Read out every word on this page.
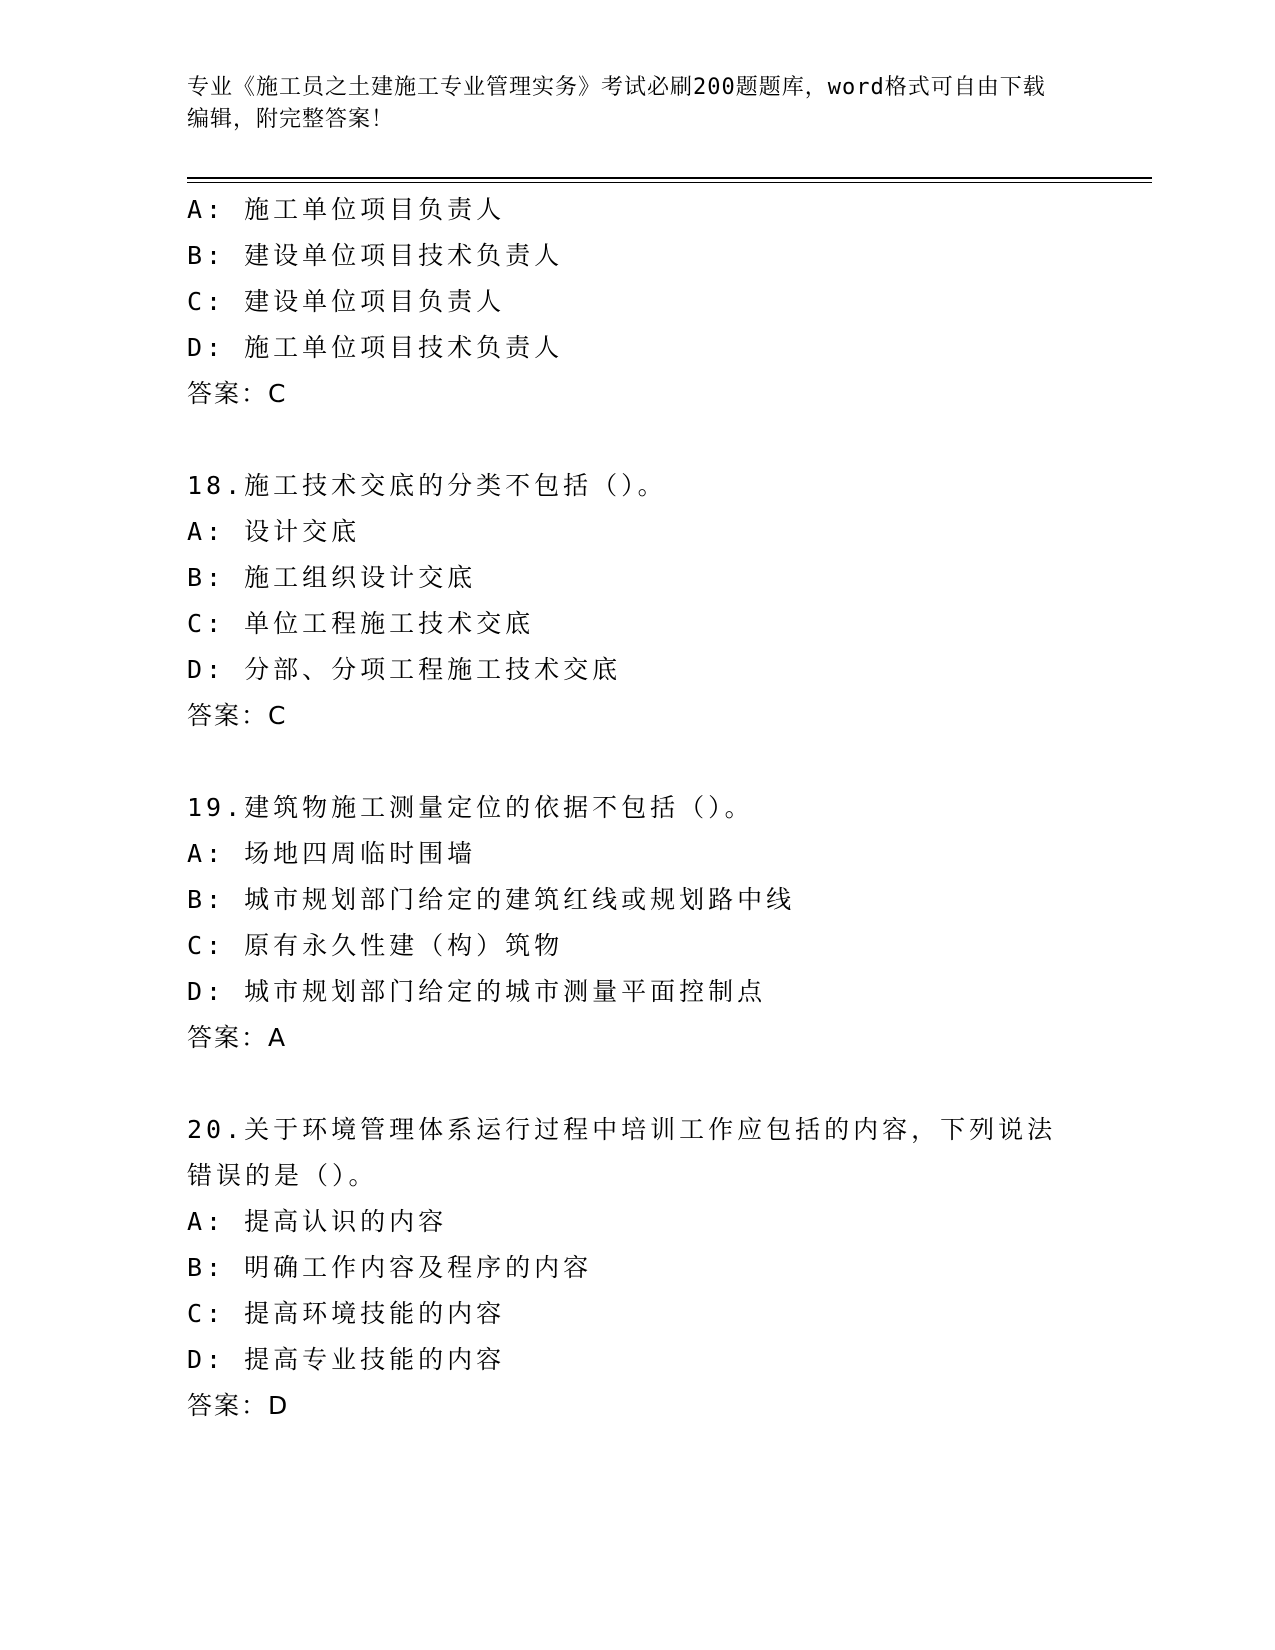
专业《施工员之土建施工专业管理实务》考试必刷200题题库，word格式可自由下载编辑，附完整答案！
A: 施工单位项目负责人
B: 建设单位项目技术负责人
C: 建设单位项目负责人
D: 施工单位项目技术负责人
答案：C
18.施工技术交底的分类不包括（）。
A: 设计交底
B: 施工组织设计交底
C: 单位工程施工技术交底
D: 分部、分项工程施工技术交底
答案：C
19.建筑物施工测量定位的依据不包括（）。
A: 场地四周临时围墙
B: 城市规划部门给定的建筑红线或规划路中线
C: 原有永久性建（构）筑物
D: 城市规划部门给定的城市测量平面控制点
答案：A
20.关于环境管理体系运行过程中培训工作应包括的内容，下列说法错误的是（）。
A: 提高认识的内容
B: 明确工作内容及程序的内容
C: 提高环境技能的内容
D: 提高专业技能的内容
答案：D
